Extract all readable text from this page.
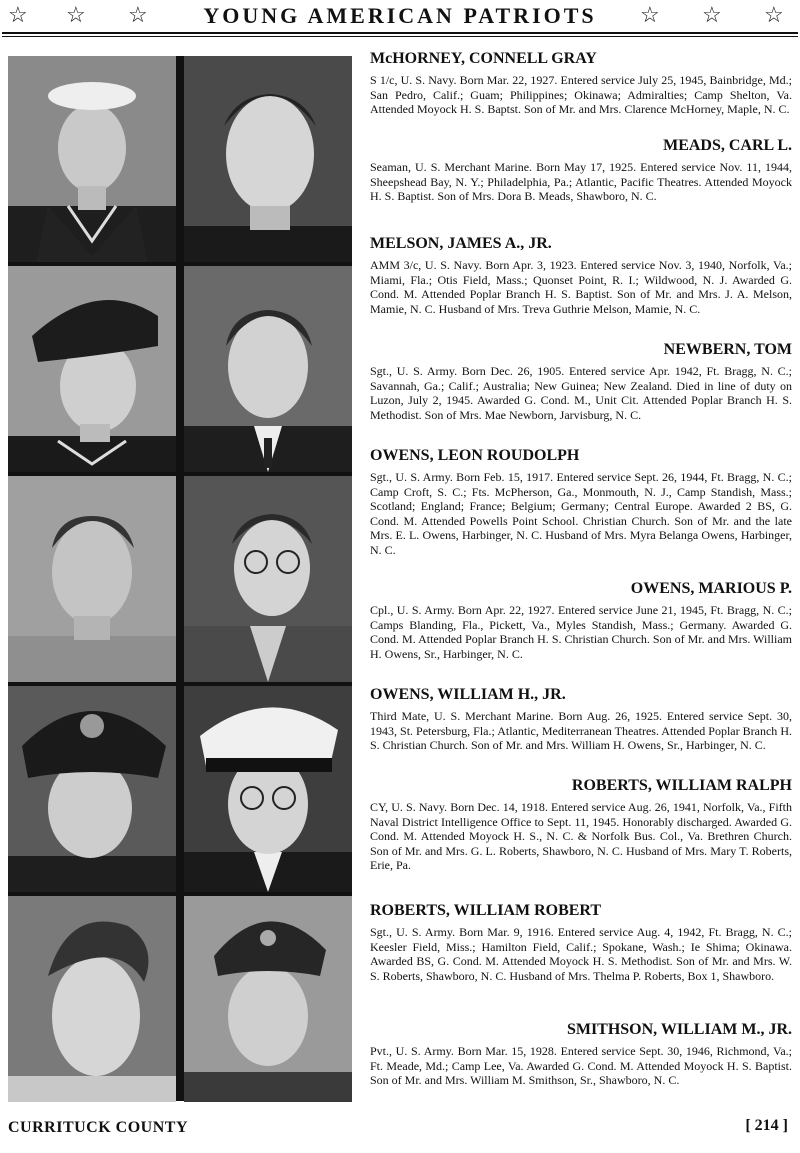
☆ ☆ ☆	YOUNG AMERICAN PATRIOTS	☆ ☆ ☆

McHORNEY, CONNELL GRAY

S 1/c, U. S. Navy. Born Mar. 22, 1927. Entered service July 25, 1945, Bainbridge, Md.; San Pedro, Calif.; Guam; Philippines; Okinawa; Admiralties; Camp Shelton, Va. Attended Moyock H. S. Baptst. Son of Mr. and Mrs. Clarence McHorney, Maple, N. C.

MEADS, CARL L.

Seaman, U. S. Merchant Marine. Born May 17, 1925. Entered service Nov. 11, 1944, Sheepshead Bay, N. Y.; Philadelphia, Pa.; Atlantic, Pacific Theatres. Attended Moyock H. S. Baptist. Son of Mrs. Dora B. Meads, Shawboro, N. C.

MELSON, JAMES A., JR.

AMM 3/c, U. S. Navy. Born Apr. 3, 1923. Entered service Nov. 3, 1940, Norfolk, Va.; Miami, Fla.; Otis Field, Mass.; Quonset Point, R. I.; Wildwood, N. J. Awarded G. Cond. M. Attended Poplar Branch H. S. Baptist. Son of Mr. and Mrs. J. A. Melson, Mamie, N. C. Husband of Mrs. Treva Guthrie Melson, Mamie, N. C.

NEWBERN, TOM

Sgt., U. S. Army. Born Dec. 26, 1905. Entered service Apr. 1942, Ft. Bragg, N. C.; Savannah, Ga.; Calif.; Australia; New Guinea; New Zealand. Died in line of duty on Luzon, July 2, 1945. Awarded G. Cond. M., Unit Cit. Attended Poplar Branch H. S. Methodist. Son of Mrs. Mae Newborn, Jarvisburg, N. C.

OWENS, LEON ROUDOLPH

Sgt., U. S. Army. Born Feb. 15, 1917. Entered service Sept. 26, 1944, Ft. Bragg, N. C.; Camp Croft, S. C.; Fts. McPherson, Ga., Monmouth, N. J., Camp Standish, Mass.; Scotland; England; France; Belgium; Germany; Central Europe. Awarded 2 BS, G. Cond. M. Attended Powells Point School. Christian Church. Son of Mr. and the late Mrs. E. L. Owens, Harbinger, N. C. Husband of Mrs. Myra Belanga Owens, Harbinger, N. C.

OWENS, MARIOUS P.

Cpl., U. S. Army. Born Apr. 22, 1927. Entered service June 21, 1945, Ft. Bragg, N. C.; Camps Blanding, Fla., Pickett, Va., Myles Standish, Mass.; Germany. Awarded G. Cond. M. Attended Poplar Branch H. S. Christian Church. Son of Mr. and Mrs. William H. Owens, Sr., Harbinger, N. C.

OWENS, WILLIAM H., JR.

Third Mate, U. S. Merchant Marine. Born Aug. 26, 1925. Entered service Sept. 30, 1943, St. Petersburg, Fla.; Atlantic, Mediterranean Theatres. Attended Poplar Branch H. S. Christian Church. Son of Mr. and Mrs. William H. Owens, Sr., Harbinger, N. C.

ROBERTS, WILLIAM RALPH

CY, U. S. Navy. Born Dec. 14, 1918. Entered service Aug. 26, 1941, Norfolk, Va., Fifth Naval District Intelligence Office to Sept. 11, 1945. Honorably discharged. Awarded G. Cond. M. Attended Moyock H. S., N. C. & Norfolk Bus. Col., Va. Brethren Church. Son of Mr. and Mrs. G. L. Roberts, Shawboro, N. C. Husband of Mrs. Mary T. Roberts, Erie, Pa.

ROBERTS, WILLIAM ROBERT

Sgt., U. S. Army. Born Mar. 9, 1916. Entered service Aug. 4, 1942, Ft. Bragg, N. C.; Keesler Field, Miss.; Hamilton Field, Calif.; Spokane, Wash.; Ie Shima; Okinawa. Awarded BS, G. Cond. M. Attended Moyock H. S. Methodist. Son of Mr. and Mrs. W. S. Roberts, Shawboro, N. C. Husband of Mrs. Thelma P. Roberts, Box 1, Shawboro.

SMITHSON, WILLIAM M., JR.

Pvt., U. S. Army. Born Mar. 15, 1928. Entered service Sept. 30, 1946, Richmond, Va.; Ft. Meade, Md.; Camp Lee, Va. Awarded G. Cond. M. Attended Moyock H. S. Baptist. Son of Mr. and Mrs. William M. Smithson, Sr., Shawboro, N. C.

CURRITUCK COUNTY	[ 214 ]
